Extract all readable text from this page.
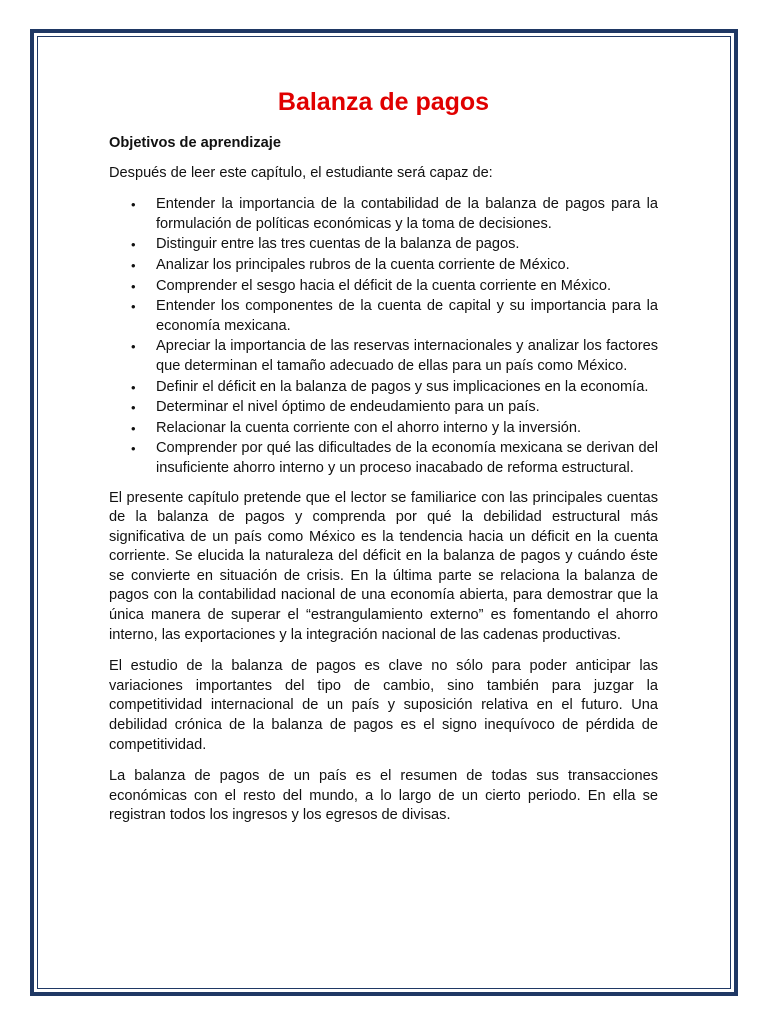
Balanza de pagos
Objetivos de aprendizaje
Después de leer este capítulo, el estudiante será capaz de:
• Entender la importancia de la contabilidad de la balanza de pagos para la formulación de políticas económicas y la toma de decisiones.
• Distinguir entre las tres cuentas de la balanza de pagos.
• Analizar los principales rubros de la cuenta corriente de México.
• Comprender el sesgo hacia el déficit de la cuenta corriente en México.
• Entender los componentes de la cuenta de capital y su importancia para la economía mexicana.
• Apreciar la importancia de las reservas internacionales y analizar los factores que determinan el tamaño adecuado de ellas para un país como México.
• Definir el déficit en la balanza de pagos y sus implicaciones en la economía.
• Determinar el nivel óptimo de endeudamiento para un país.
• Relacionar la cuenta corriente con el ahorro interno y la inversión.
• Comprender por qué las dificultades de la economía mexicana se derivan del insuficiente ahorro interno y un proceso inacabado de reforma estructural.

El presente capítulo pretende que el lector se familiarice con las principales cuentas de la balanza de pagos y comprenda por qué la debilidad estructural más significativa de un país como México es la tendencia hacia un déficit en la cuenta corriente. Se elucida la naturaleza del déficit en la balanza de pagos y cuándo éste se convierte en situación de crisis. En la última parte se relaciona la balanza de pagos con la contabilidad nacional de una economía abierta, para demostrar que la única manera de superar el “estrangulamiento externo” es fomentando el ahorro interno, las exportaciones y la integración nacional de las cadenas productivas.

El estudio de la balanza de pagos es clave no sólo para poder anticipar las variaciones importantes del tipo de cambio, sino también para juzgar la competitividad internacional de un país y suposición relativa en el futuro. Una debilidad crónica de la balanza de pagos es el signo inequívoco de pérdida de competitividad.

La balanza de pagos de un país es el resumen de todas sus transacciones económicas con el resto del mundo, a lo largo de un cierto periodo. En ella se registran todos los ingresos y los egresos de divisas.
